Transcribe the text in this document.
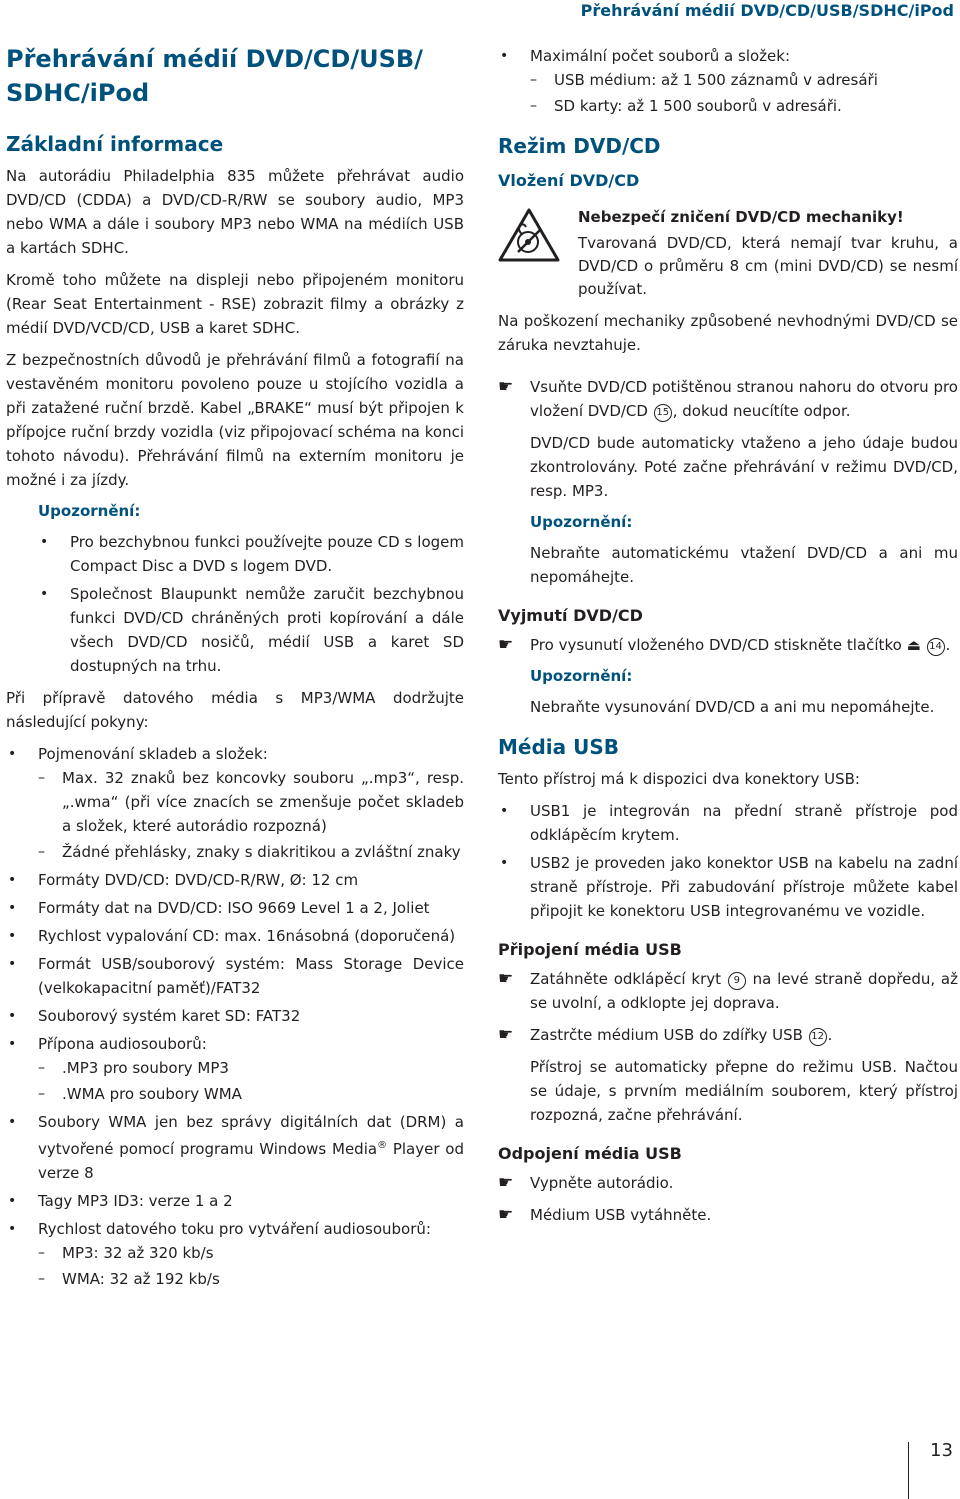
Přehrávání médií DVD/CD/USB/SDHC/iPod
Přehrávání médií DVD/CD/USB/
SDHC/iPod
Základní informace

Na autorádiu Philadelphia 835 můžete přehrávat audio DVD/CD (CDDA) a DVD/CD-R/RW se soubory audio, MP3 nebo WMA a dále i soubory MP3 nebo WMA na médiích USB a kartách SDHC.

Kromě toho můžete na displeji nebo připojeném monitoru (Rear Seat Entertainment - RSE) zobrazit filmy a obrázky z médií DVD/VCD/CD, USB a karet SDHC.

Z bezpečnostních důvodů je přehrávání filmů a fotografií na vestavěném monitoru povoleno pouze u stojícího vozidla a při zatažené ruční brzdě. Kabel „BRAKE“ musí být připojen k přípojce ruční brzdy vozidla (viz připojovací schéma na konci tohoto návodu). Přehrávání filmů na externím monitoru je možné i za jízdy.

Upozornění:
• Pro bezchybnou funkci používejte pouze CD s logem Compact Disc a DVD s logem DVD.
• Společnost Blaupunkt nemůže zaručit bezchybnou funkci DVD/CD chráněných proti kopírování a dále všech DVD/CD nosičů, médií USB a karet SD dostupných na trhu.

Při přípravě datového média s MP3/WMA dodržujte následující pokyny:

• Pojmenování skladeb a složek:
– Max. 32 znaků bez koncovky souboru „.mp3“, resp. „.wma“ (při více znacích se zmenšuje počet skladeb a složek, které autorádio rozpozná)
– Žádné přehlásky, znaky s diakritikou a zvláštní znaky
• Formáty DVD/CD: DVD/CD-R/RW, Ø: 12 cm
• Formáty dat na DVD/CD: ISO 9669 Level 1 a 2, Joliet
• Rychlost vypalování CD: max. 16násobná (doporučená)
• Formát USB/souborový systém: Mass Storage Device (velkokapacitní paměť)/FAT32
• Souborový systém karet SD: FAT32
• Přípona audiosouborů:
– .MP3 pro soubory MP3
– .WMA pro soubory WMA
• Soubory WMA jen bez správy digitálních dat (DRM) a vytvořené pomocí programu Windows Media® Player od verze 8
• Tagy MP3 ID3: verze 1 a 2
• Rychlost datového toku pro vytváření audiosouborů:
– MP3: 32 až 320 kb/s
– WMA: 32 až 192 kb/s
• Maximální počet souborů a složek:
– USB médium: až 1 500 záznamů v adresáři
– SD karty: až 1 500 souborů v adresáři.
Režim DVD/CD
Vložení DVD/CD
Nebezpečí zničení DVD/CD mechaniky!
Tvarovaná DVD/CD, která nemají tvar kruhu, a DVD/CD o průměru 8 cm (mini DVD/CD) se nesmí používat.

Na poškození mechaniky způsobené nevhodnými DVD/CD se záruka nevztahuje.

☛ Vsuňte DVD/CD potištěnou stranou nahoru do otvoru pro vložení DVD/CD 15 , dokud neucítíte odpor.

DVD/CD bude automaticky vtaženo a jeho údaje budou zkontrolovány. Poté začne přehrávání v režimu DVD/CD, resp. MP3.

Upozornění:

Nebraňte automatickému vtažení DVD/CD a ani mu nepomáhejte.

Vyjmutí DVD/CD
☛ Pro vysunutí vloženého DVD/CD stiskněte tlačítko ⏏ 14 .
Upozornění:

Nebraňte vysunování DVD/CD a ani mu nepomáhejte.

Média USB

Tento přístroj má k dispozici dva konektory USB:

• USB1 je integrován na přední straně přístroje pod odklápěcím krytem.
• USB2 je proveden jako konektor USB na kabelu na zadní straně přístroje. Při zabudování přístroje můžete kabel připojit ke konektoru USB integrovanému ve vozidle.
Připojení média USB
☛ Zatáhněte odklápěcí kryt 9 na levé straně dopředu, až se uvolní, a odklopte jej doprava.
☛ Zastrčte médium USB do zdířky USB 12 .

Přístroj se automaticky přepne do režimu USB. Načtou se údaje, s prvním mediálním souborem, který přístroj rozpozná, začne přehrávání.

Odpojení média USB
☛ Vypněte autorádio.
☛ Médium USB vytáhněte.
13
